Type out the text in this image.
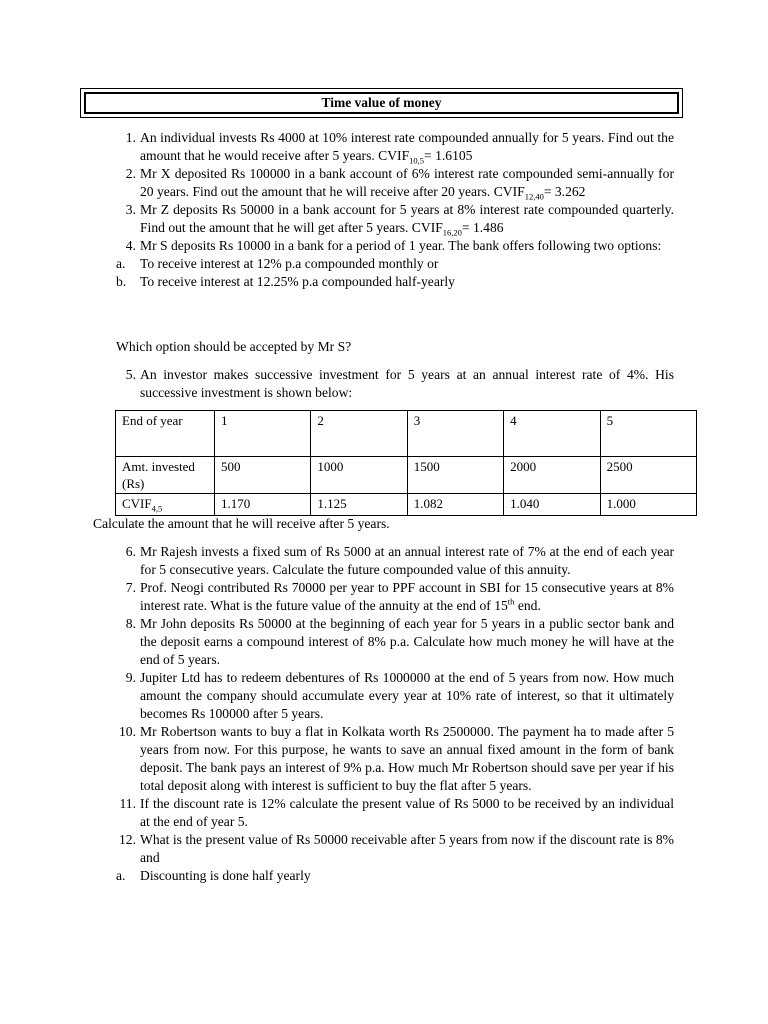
Time value of money
1. An individual invests Rs 4000 at 10% interest rate compounded annually for 5 years. Find out the amount that he would receive after 5 years. $CVIF_{10,5}= 1.6105$
2. Mr X deposited Rs 100000 in a bank account of 6% interest rate compounded semi-annually for 20 years. Find out the amount that he will receive after 20 years. $CVIF_{12,40}= 3.262$
3. Mr Z deposits Rs 50000 in a bank account for 5 years at 8% interest rate compounded quarterly. Find out the amount that he will get after 5 years. $CVIF_{16,20}= 1.486$
4. Mr S deposits Rs 10000 in a bank for a period of 1 year. The bank offers following two options:
a.	To receive interest at 12% p.a compounded monthly or
b.	To receive interest at 12.25% p.a compounded half-yearly
Which option should be accepted by Mr S?
5. An investor makes successive investment for 5 years at an annual interest rate of 4%. His successive investment is shown below:
End of year	1	2	3	4	5
Amt. invested (Rs)	500	1000	1500	2000	2500
$CVIF_{4,5}$	1.170	1.125	1.082	1.040	1.000
Calculate the amount that he will receive after 5 years.
6. Mr Rajesh invests a fixed sum of Rs 5000 at an annual interest rate of 7% at the end of each year for 5 consecutive years. Calculate the future compounded value of this annuity.
7. Prof. Neogi contributed Rs 70000 per year to PPF account in SBI for 15 consecutive years at 8% interest rate. What is the future value of the annuity at the end of 15th end.
8. Mr John deposits Rs 50000 at the beginning of each year for 5 years in a public sector bank and the deposit earns a compound interest of 8% p.a. Calculate how much money he will have at the end of 5 years.
9. Jupiter Ltd has to redeem debentures of Rs 1000000 at the end of 5 years from now. How much amount the company should accumulate every year at 10% rate of interest, so that it ultimately becomes Rs 100000 after 5 years.
10. Mr Robertson wants to buy a flat in Kolkata worth Rs 2500000. The payment ha to made after 5 years from now. For this purpose, he wants to save an annual fixed amount in the form of bank deposit. The bank pays an interest of 9% p.a. How much Mr Robertson should save per year if his total deposit along with interest is sufficient to buy the flat after 5 years.
11. If the discount rate is 12% calculate the present value of Rs 5000 to be received by an individual at the end of year 5.
12. What is the present value of Rs 50000 receivable after 5 years from now if the discount rate is 8% and
a.	Discounting is done half yearly
